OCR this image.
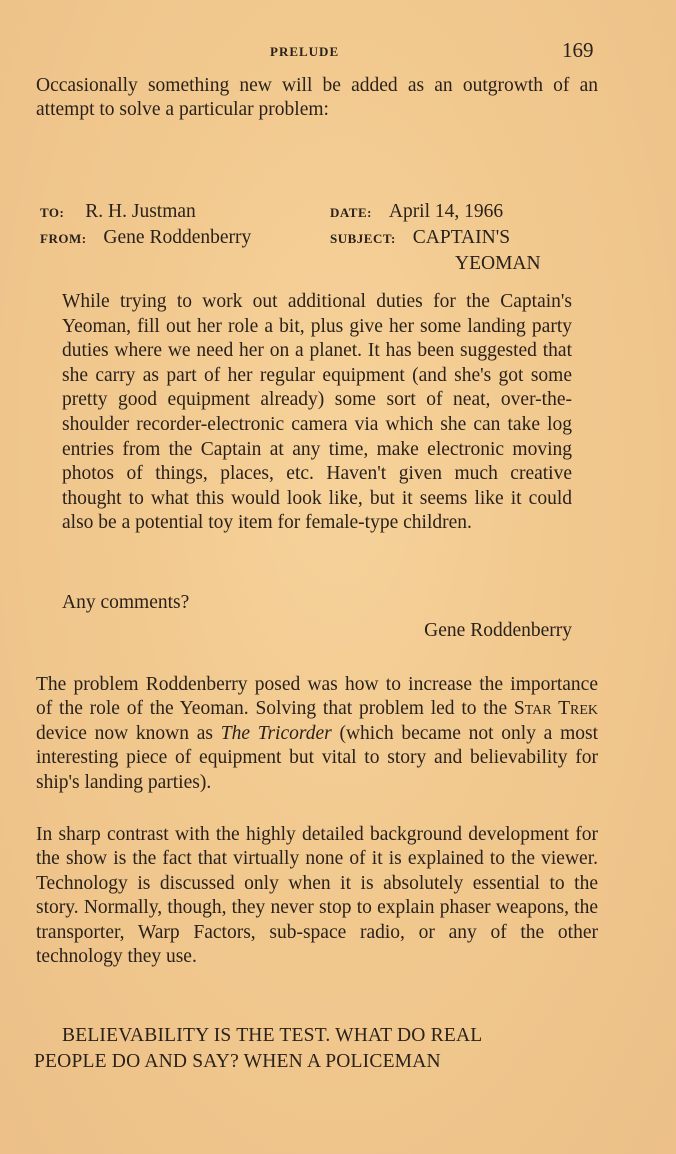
PRELUDE	169

Occasionally something new will be added as an outgrowth of an attempt to solve a particular problem:

TO: R. H. Justman
FROM: Gene Roddenberry
DATE: April 14, 1966
SUBJECT: CAPTAIN'S
YEOMAN

While trying to work out additional duties for the Captain's Yeoman, fill out her role a bit, plus give her some landing party duties where we need her on a planet. It has been suggested that she carry as part of her regular equipment (and she's got some pretty good equipment already) some sort of neat, over-the-shoulder recorder-electronic camera via which she can take log entries from the Captain at any time, make electronic moving photos of things, places, etc. Haven't given much creative thought to what this would look like, but it seems like it could also be a potential toy item for female-type children.

Any comments?
Gene Roddenberry

The problem Roddenberry posed was how to increase the importance of the role of the Yeoman. Solving that problem led to the Star Trek device now known as The Tricorder (which became not only a most interesting piece of equipment but vital to story and believability for ship's landing parties).

In sharp contrast with the highly detailed background development for the show is the fact that virtually none of it is explained to the viewer. Technology is discussed only when it is absolutely essential to the story. Normally, though, they never stop to explain phaser weapons, the transporter, Warp Factors, sub-space radio, or any of the other technology they use.

BELIEVABILITY IS THE TEST. WHAT DO REAL
PEOPLE DO AND SAY? WHEN A POLICEMAN
